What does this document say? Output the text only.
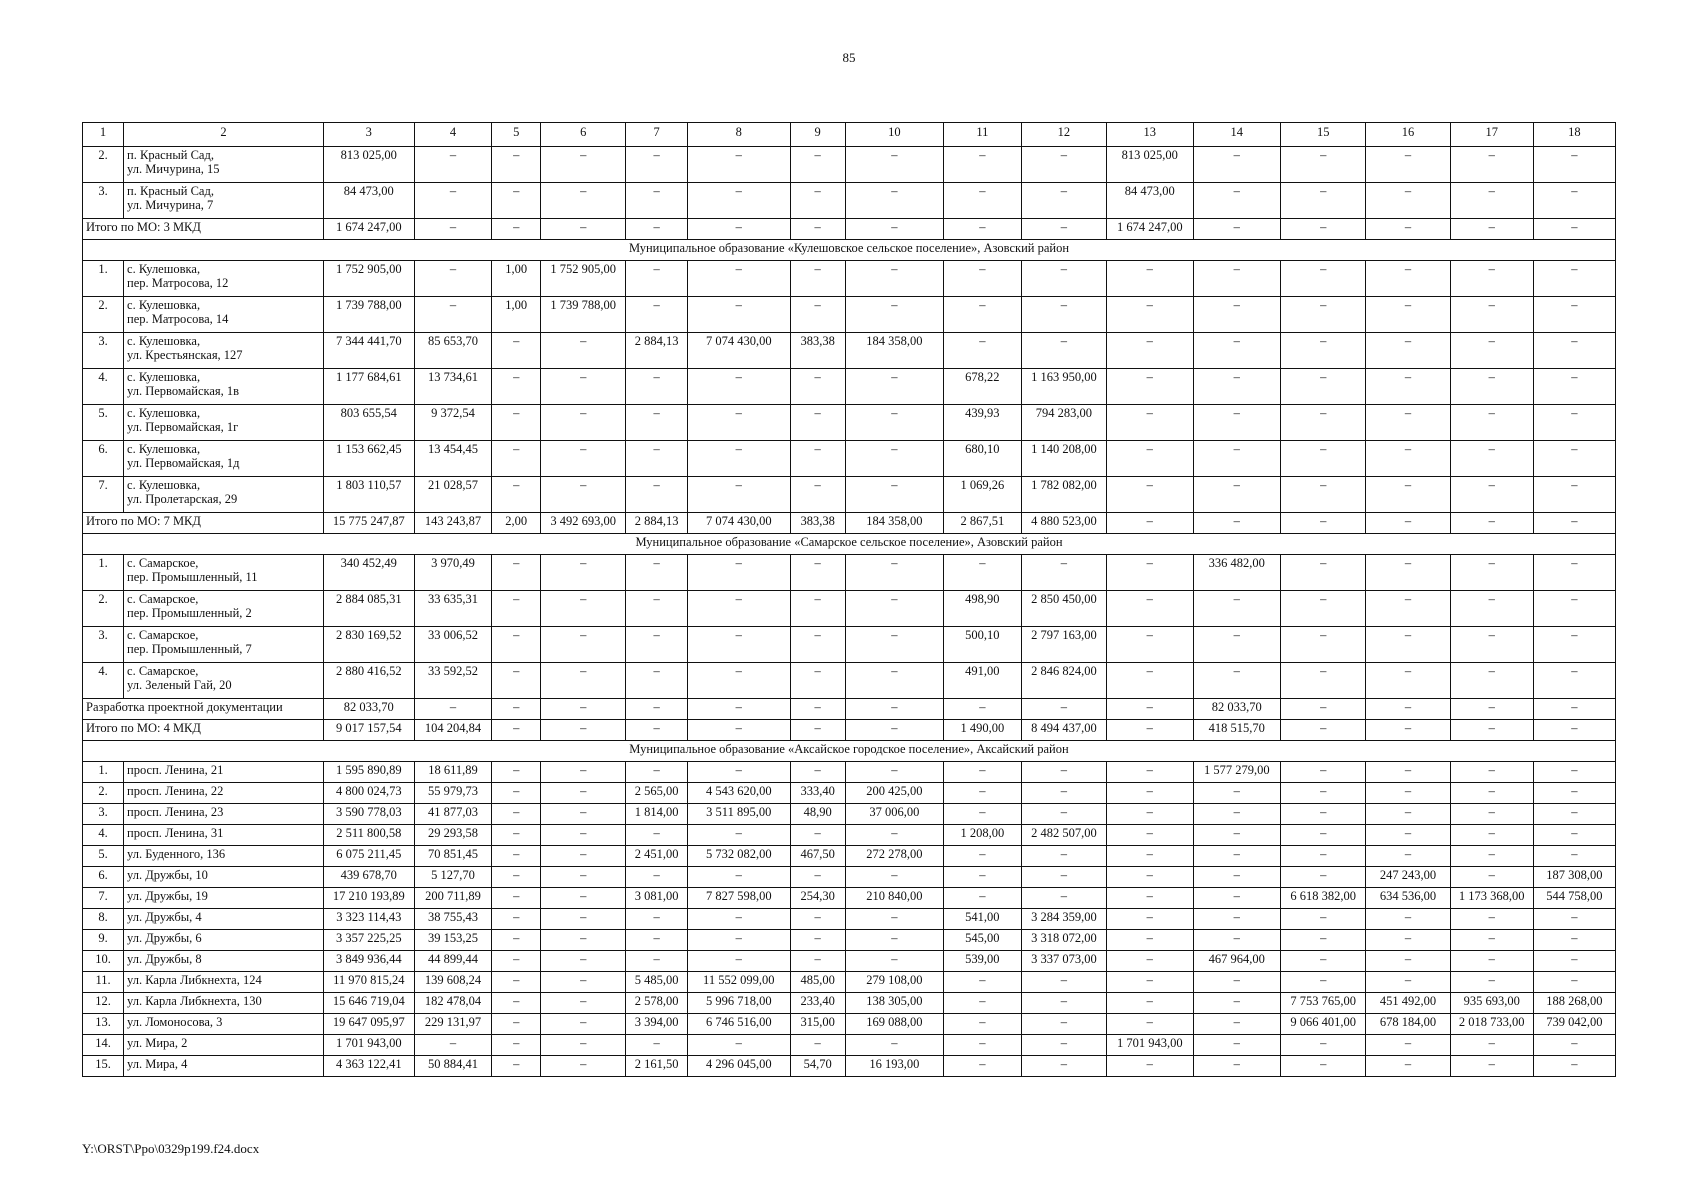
85
1	2	3	4	5	6	7	8	9	10	11	12	13	14	15	16	17	18
2.	п. Красный Сад,
ул. Мичурина, 15	813 025,00	–	–	–	–	–	–	–	–	–	813 025,00	–	–	–	–	–
3.	п. Красный Сад,
ул. Мичурина, 7	84 473,00	–	–	–	–	–	–	–	–	–	84 473,00	–	–	–	–	–
Итого по МО: 3 МКД		1 674 247,00	–	–	–	–	–	–	–	–	–	1 674 247,00	–	–	–	–	–
Муниципальное образование «Кулешовское сельское поселение», Азовский район																	
1.	с. Кулешовка,
пер. Матросова, 12	1 752 905,00	–	1,00	1 752 905,00	–	–	–	–	–	–	–	–	–	–	–	–
2.	с. Кулешовка,
пер. Матросова, 14	1 739 788,00	–	1,00	1 739 788,00	–	–	–	–	–	–	–	–	–	–	–	–
3.	с. Кулешовка,
ул. Крестьянская, 127	7 344 441,70	85 653,70	–	–	2 884,13	7 074 430,00	383,38	184 358,00	–	–	–	–	–	–	–	–
4.	с. Кулешовка,
ул. Первомайская, 1в	1 177 684,61	13 734,61	–	–	–	–	–	–	678,22	1 163 950,00	–	–	–	–	–	–
5.	с. Кулешовка,
ул. Первомайская, 1г	803 655,54	9 372,54	–	–	–	–	–	–	439,93	794 283,00	–	–	–	–	–	–
6.	с. Кулешовка,
ул. Первомайская, 1д	1 153 662,45	13 454,45	–	–	–	–	–	–	680,10	1 140 208,00	–	–	–	–	–	–
7.	с. Кулешовка,
ул. Пролетарская, 29	1 803 110,57	21 028,57	–	–	–	–	–	–	1 069,26	1 782 082,00	–	–	–	–	–	–
Итого по МО: 7 МКД		15 775 247,87	143 243,87	2,00	3 492 693,00	2 884,13	7 074 430,00	383,38	184 358,00	2 867,51	4 880 523,00	–	–	–	–	–	–
Муниципальное образование «Самарское сельское поселение», Азовский район																	
1.	с. Самарское,
пер. Промышленный, 11	340 452,49	3 970,49	–	–	–	–	–	–	–	–	–	336 482,00	–	–	–	–
2.	с. Самарское,
пер. Промышленный, 2	2 884 085,31	33 635,31	–	–	–	–	–	–	498,90	2 850 450,00	–	–	–	–	–	–
3.	с. Самарское,
пер. Промышленный, 7	2 830 169,52	33 006,52	–	–	–	–	–	–	500,10	2 797 163,00	–	–	–	–	–	–
4.	с. Самарское,
ул. Зеленый Гай, 20	2 880 416,52	33 592,52	–	–	–	–	–	–	491,00	2 846 824,00	–	–	–	–	–	–
Разработка проектной документации		82 033,70	–	–	–	–	–	–	–	–	–	–	82 033,70	–	–	–	–
Итого по МО: 4 МКД		9 017 157,54	104 204,84	–	–	–	–	–	–	1 490,00	8 494 437,00	–	418 515,70	–	–	–	–
Муниципальное образование «Аксайское городское поселение», Аксайский район																	
1.	просп. Ленина, 21	1 595 890,89	18 611,89	–	–	–	–	–	–	–	–	–	1 577 279,00	–	–	–	–
2.	просп. Ленина, 22	4 800 024,73	55 979,73	–	–	2 565,00	4 543 620,00	333,40	200 425,00	–	–	–	–	–	–	–	–
3.	просп. Ленина, 23	3 590 778,03	41 877,03	–	–	1 814,00	3 511 895,00	48,90	37 006,00	–	–	–	–	–	–	–	–
4.	просп. Ленина, 31	2 511 800,58	29 293,58	–	–	–	–	–	–	1 208,00	2 482 507,00	–	–	–	–	–	–
5.	ул. Буденного, 136	6 075 211,45	70 851,45	–	–	2 451,00	5 732 082,00	467,50	272 278,00	–	–	–	–	–	–	–	–
6.	ул. Дружбы, 10	439 678,70	5 127,70	–	–	–	–	–	–	–	–	–	–	–	247 243,00	–	187 308,00
7.	ул. Дружбы, 19	17 210 193,89	200 711,89	–	–	3 081,00	7 827 598,00	254,30	210 840,00	–	–	–	–	6 618 382,00	634 536,00	1 173 368,00	544 758,00
8.	ул. Дружбы, 4	3 323 114,43	38 755,43	–	–	–	–	–	–	541,00	3 284 359,00	–	–	–	–	–	–
9.	ул. Дружбы, 6	3 357 225,25	39 153,25	–	–	–	–	–	–	545,00	3 318 072,00	–	–	–	–	–	–
10.	ул. Дружбы, 8	3 849 936,44	44 899,44	–	–	–	–	–	–	539,00	3 337 073,00	–	467 964,00	–	–	–	–
11.	ул. Карла Либкнехта, 124	11 970 815,24	139 608,24	–	–	5 485,00	11 552 099,00	485,00	279 108,00	–	–	–	–	–	–	–	–
12.	ул. Карла Либкнехта, 130	15 646 719,04	182 478,04	–	–	2 578,00	5 996 718,00	233,40	138 305,00	–	–	–	–	7 753 765,00	451 492,00	935 693,00	188 268,00
13.	ул. Ломоносова, 3	19 647 095,97	229 131,97	–	–	3 394,00	6 746 516,00	315,00	169 088,00	–	–	–	–	9 066 401,00	678 184,00	2 018 733,00	739 042,00
14.	ул. Мира, 2	1 701 943,00	–	–	–	–	–	–	–	–	–	1 701 943,00	–	–	–	–	–
15.	ул. Мира, 4	4 363 122,41	50 884,41	–	–	2 161,50	4 296 045,00	54,70	16 193,00	–	–	–	–	–	–	–	–
Y:\ORST\Ppo\0329p199.f24.docx
